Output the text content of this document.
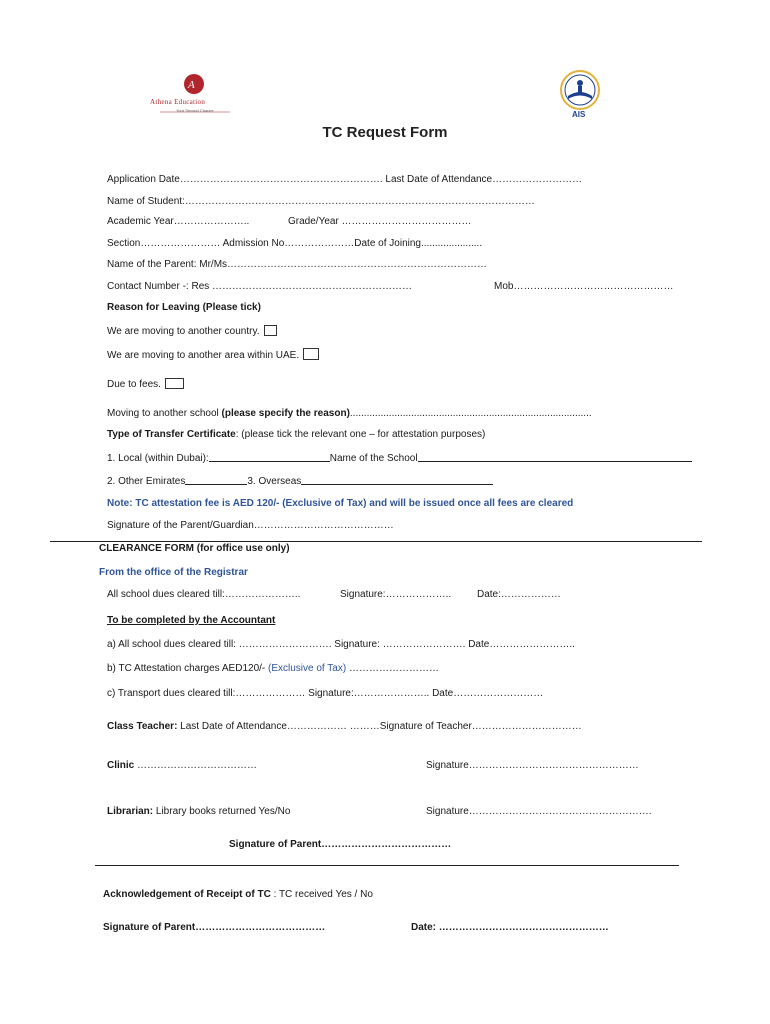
A F
Athena Education
Your Second Chance	AIS
TC Request Form
Application Date……………………………………………………. Last Date of Attendance………………………
Name of Student:……………………………………………………………………………………………
Academic Year…………………..	Grade/Year …………………………………
Section…………………… Admission No…………………Date of Joining......................
Name of the Parent: Mr/Ms……………………………………………………………………
Contact Number -: Res ……………………………………………………	Mob…………………………………………
Reason for Leaving (Please tick)
We are moving to another country.
We are moving to another area within UAE.
Due to fees.
Moving to another school (please specify the reason).......................................................................................
Type of Transfer Certificate: (please tick the relevant one – for attestation purposes)
1. Local (within Dubai):	Name of the School
2. Other Emirates	3. Overseas
Note: TC attestation fee is AED 120/- (Exclusive of Tax) and will be issued once all fees are cleared
Signature of the Parent/Guardian……………………………………
CLEARANCE FORM (for office use only)
From the office of the Registrar
All school dues cleared till:…………………..	Signature:………………..	Date:………………
To be completed by the Accountant
a) All school dues cleared till: ………………………. Signature: ……………………. Date……………………..
b) TC Attestation charges AED120/- (Exclusive of Tax) ………………………
c) Transport dues cleared till:………………… Signature:………………….. Date………………………
Class Teacher: Last Date of Attendance……………… ………Signature of Teacher……………………………
Clinic ………………………………	Signature……………………………………………
Librarian: Library books returned Yes/No	Signature……………………………………………….
Signature of Parent…………………………………
Acknowledgement of Receipt of TC : TC received Yes / No
Signature of Parent…………………………………	Date: ……………………………………………
